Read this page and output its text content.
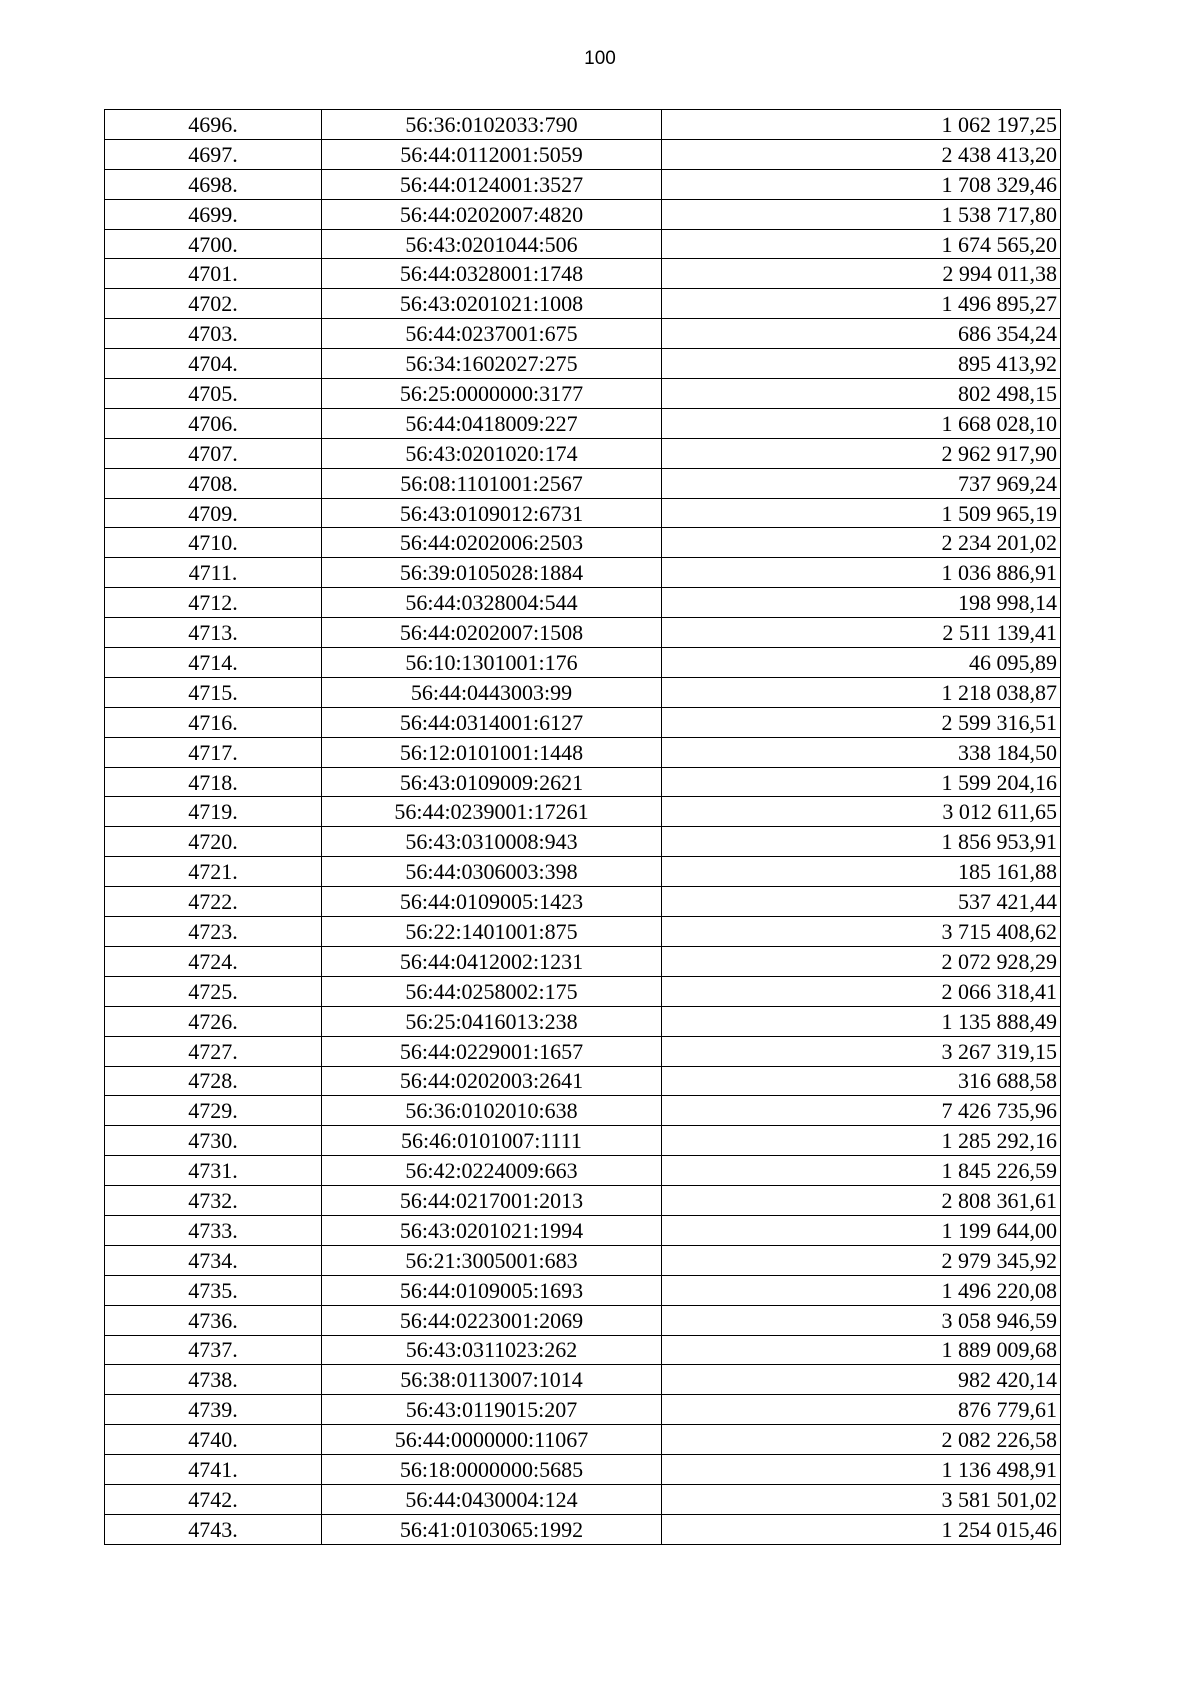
100
4696.	56:36:0102033:790	1 062 197,25
4697.	56:44:0112001:5059	2 438 413,20
4698.	56:44:0124001:3527	1 708 329,46
4699.	56:44:0202007:4820	1 538 717,80
4700.	56:43:0201044:506	1 674 565,20
4701.	56:44:0328001:1748	2 994 011,38
4702.	56:43:0201021:1008	1 496 895,27
4703.	56:44:0237001:675	686 354,24
4704.	56:34:1602027:275	895 413,92
4705.	56:25:0000000:3177	802 498,15
4706.	56:44:0418009:227	1 668 028,10
4707.	56:43:0201020:174	2 962 917,90
4708.	56:08:1101001:2567	737 969,24
4709.	56:43:0109012:6731	1 509 965,19
4710.	56:44:0202006:2503	2 234 201,02
4711.	56:39:0105028:1884	1 036 886,91
4712.	56:44:0328004:544	198 998,14
4713.	56:44:0202007:1508	2 511 139,41
4714.	56:10:1301001:176	46 095,89
4715.	56:44:0443003:99	1 218 038,87
4716.	56:44:0314001:6127	2 599 316,51
4717.	56:12:0101001:1448	338 184,50
4718.	56:43:0109009:2621	1 599 204,16
4719.	56:44:0239001:17261	3 012 611,65
4720.	56:43:0310008:943	1 856 953,91
4721.	56:44:0306003:398	185 161,88
4722.	56:44:0109005:1423	537 421,44
4723.	56:22:1401001:875	3 715 408,62
4724.	56:44:0412002:1231	2 072 928,29
4725.	56:44:0258002:175	2 066 318,41
4726.	56:25:0416013:238	1 135 888,49
4727.	56:44:0229001:1657	3 267 319,15
4728.	56:44:0202003:2641	316 688,58
4729.	56:36:0102010:638	7 426 735,96
4730.	56:46:0101007:1111	1 285 292,16
4731.	56:42:0224009:663	1 845 226,59
4732.	56:44:0217001:2013	2 808 361,61
4733.	56:43:0201021:1994	1 199 644,00
4734.	56:21:3005001:683	2 979 345,92
4735.	56:44:0109005:1693	1 496 220,08
4736.	56:44:0223001:2069	3 058 946,59
4737.	56:43:0311023:262	1 889 009,68
4738.	56:38:0113007:1014	982 420,14
4739.	56:43:0119015:207	876 779,61
4740.	56:44:0000000:11067	2 082 226,58
4741.	56:18:0000000:5685	1 136 498,91
4742.	56:44:0430004:124	3 581 501,02
4743.	56:41:0103065:1992	1 254 015,46
